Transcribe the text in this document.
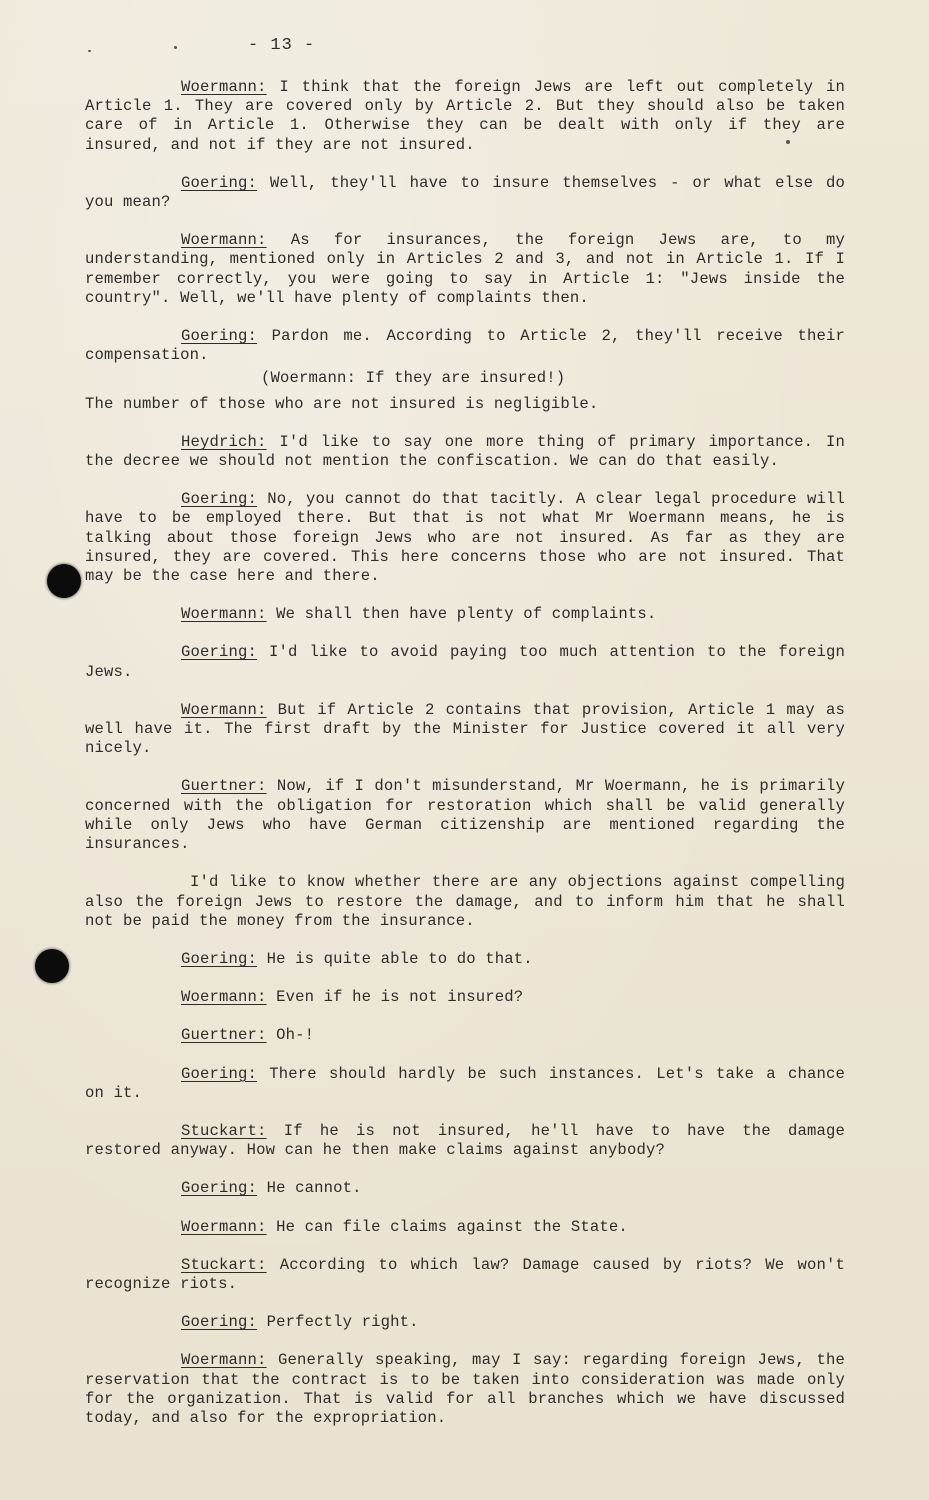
- 13 -

Woermann: I think that the foreign Jews are left out completely in Article 1. They are covered only by Article 2. But they should also be taken care of in Article 1. Otherwise they can be dealt with only if they are insured, and not if they are not insured.

Goering: Well, they'll have to insure themselves - or what else do you mean?

Woermann: As for insurances, the foreign Jews are, to my understanding, mentioned only in Articles 2 and 3, and not in Article 1. If I remember correctly, you were going to say in Article 1: "Jews inside the country". Well, we'll have plenty of complaints then.

Goering: Pardon me. According to Article 2, they'll receive their compensation.

(Woermann: If they are insured!)

The number of those who are not insured is negligible.

Heydrich: I'd like to say one more thing of primary importance. In the decree we should not mention the confiscation. We can do that easily.

Goering: No, you cannot do that tacitly. A clear legal procedure will have to be employed there. But that is not what Mr Woermann means, he is talking about those foreign Jews who are not insured. As far as they are insured, they are covered. This here concerns those who are not insured. That may be the case here and there.

Woermann: We shall then have plenty of complaints.

Goering: I'd like to avoid paying too much attention to the foreign Jews.

Woermann: But if Article 2 contains that provision, Article 1 may as well have it. The first draft by the Minister for Justice covered it all very nicely.

Guertner: Now, if I don't misunderstand, Mr Woermann, he is primarily concerned with the obligation for restoration which shall be valid generally while only Jews who have German citizenship are mentioned regarding the insurances.

I'd like to know whether there are any objections against compelling also the foreign Jews to restore the damage, and to inform him that he shall not be paid the money from the insurance.

Goering: He is quite able to do that.

Woermann: Even if he is not insured?

Guertner: Oh-!

Goering: There should hardly be such instances. Let's take a chance on it.

Stuckart: If he is not insured, he'll have to have the damage restored anyway. How can he then make claims against anybody?

Goering: He cannot.

Woermann: He can file claims against the State.

Stuckart: According to which law? Damage caused by riots? We won't recognize riots.

Goering: Perfectly right.

Woermann: Generally speaking, may I say: regarding foreign Jews, the reservation that the contract is to be taken into consideration was made only for the organization. That is valid for all branches which we have discussed today, and also for the expropriation.
